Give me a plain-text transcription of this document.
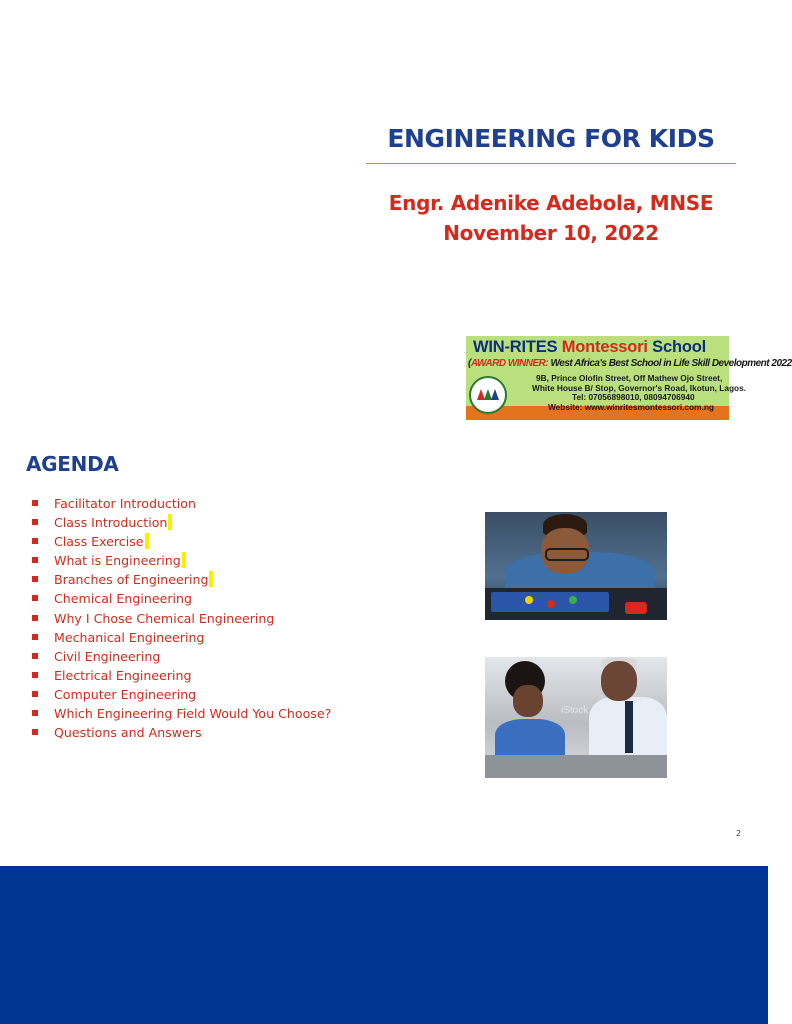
ENGINEERING FOR KIDS
Engr. Adenike Adebola, MNSE
November 10, 2022
WIN-RITES Montessori School
(AWARD WINNER: West Africa's Best School in Life Skill Development 2022
9B, Prince Olofin Street, Off Mathew Ojo Street,
White House B/ Stop, Governor's Road, Ikotun, Lagos.
Tel: 07056898010, 08094706940
Website: www.winritesmontessori.com.ng
AGENDA
Facilitator Introduction
Class Introduction
Class Exercise
What is Engineering
Branches of Engineering
Chemical Engineering
Why I Chose Chemical Engineering
Mechanical Engineering
Civil Engineering
Electrical Engineering
Computer Engineering
Which Engineering Field Would You Choose?
Questions and Answers
iStock
2
